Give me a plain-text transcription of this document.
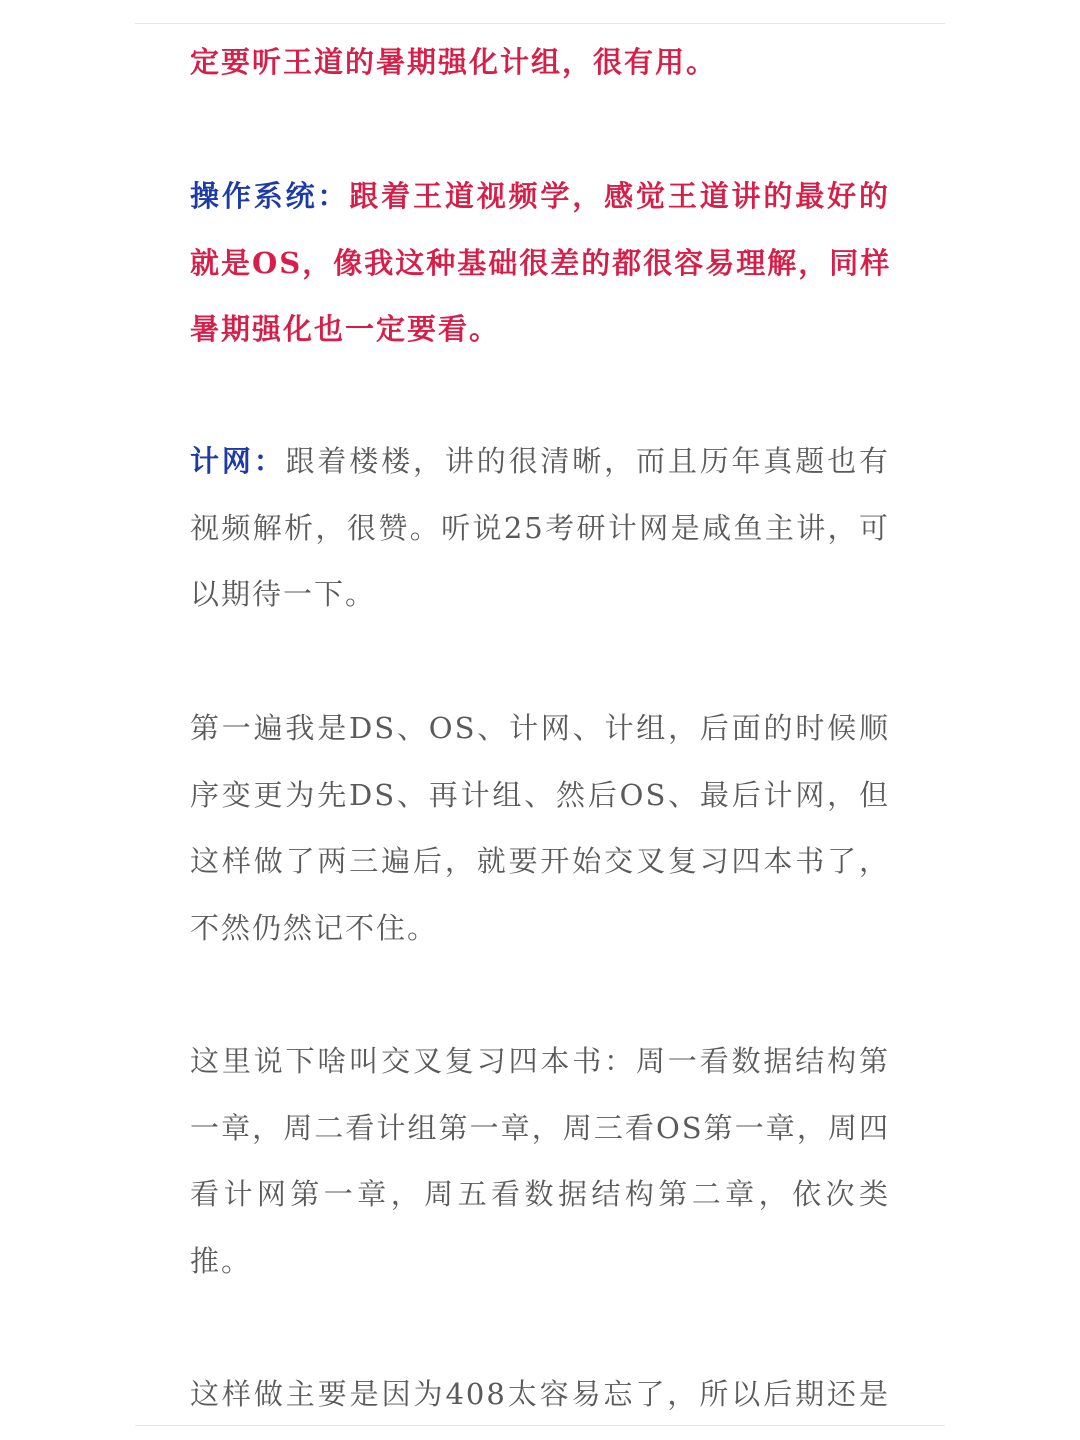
定要听王道的暑期强化计组，很有用。
操作系统：跟着王道视频学，感觉王道讲的最好的
就是OS，像我这种基础很差的都很容易理解，同样
暑期强化也一定要看。
计网：跟着楼楼，讲的很清晰，而且历年真题也有
视频解析，很赞。听说25考研计网是咸鱼主讲，可
以期待一下。
第一遍我是DS、OS、计网、计组，后面的时候顺
序变更为先DS、再计组、然后OS、最后计网，但
这样做了两三遍后，就要开始交叉复习四本书了，
不然仍然记不住。
这里说下啥叫交叉复习四本书：周一看数据结构第
一章，周二看计组第一章，周三看OS第一章，周四
看计网第一章，周五看数据结构第二章，依次类
推。
这样做主要是因为408太容易忘了，所以后期还是
